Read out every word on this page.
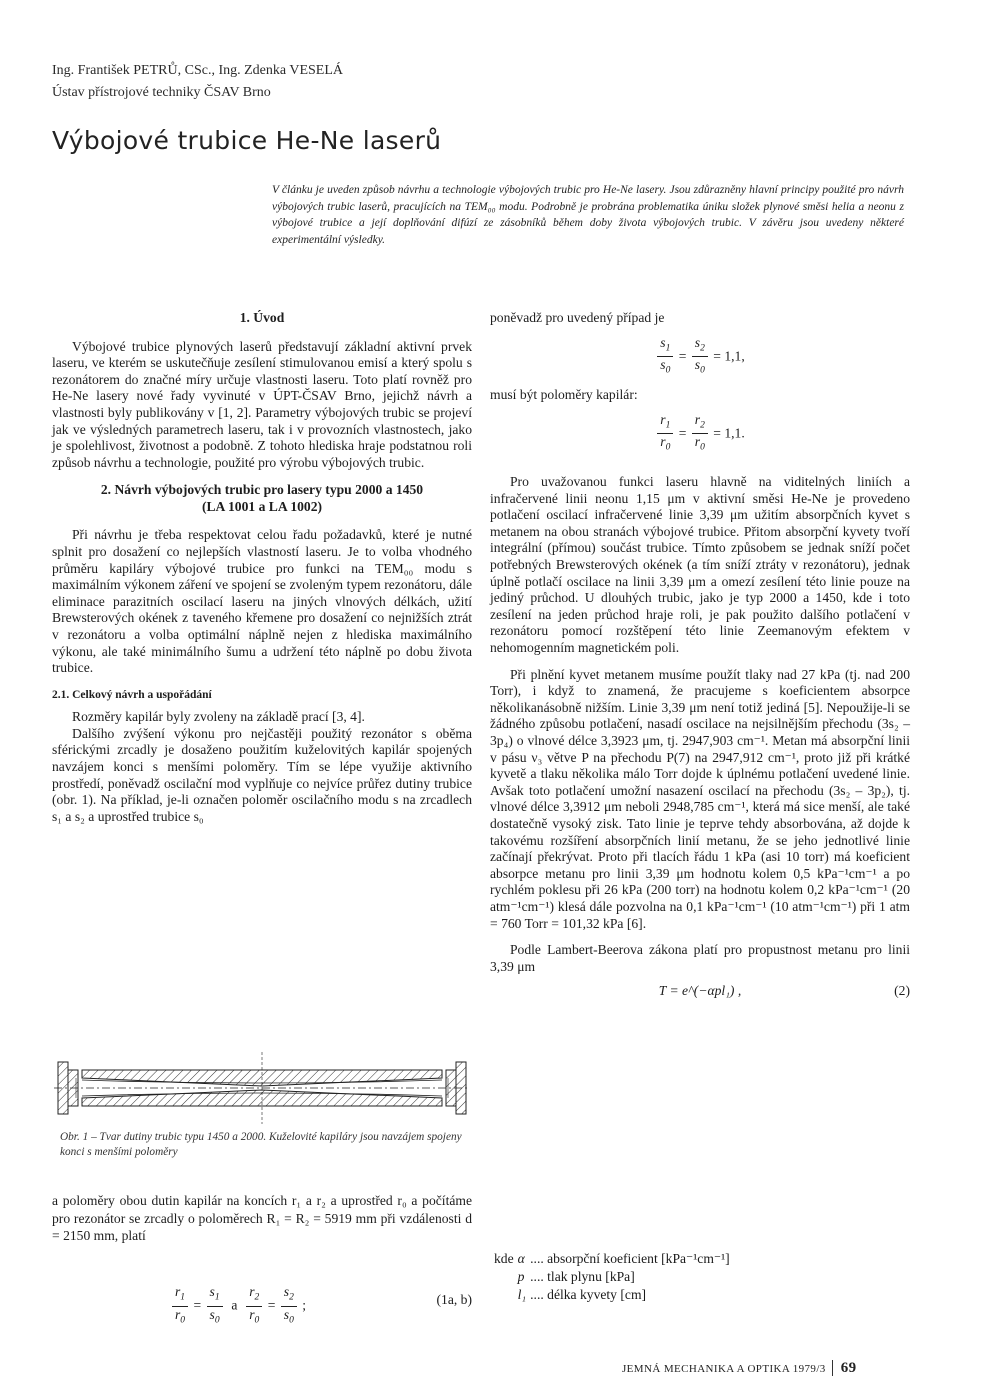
Ing. František PETRŮ, CSc., Ing. Zdenka VESELÁ
Ústav přístrojové techniky ČSAV Brno
Výbojové trubice He-Ne laserů
V článku je uveden způsob návrhu a technologie výbojových trubic pro He-Ne lasery. Jsou zdůrazněny hlavní principy použité pro návrh výbojových trubic laserů, pracujících na TEM₀₀ modu. Podrobně je probrána problematika úniku složek plynové směsi helia a neonu z výbojové trubice a její doplňování difúzí ze zásobníků během doby života výbojových trubic. V závěru jsou uvedeny některé experimentální výsledky.
1. Úvod

Výbojové trubice plynových laserů představují základní aktivní prvek laseru, ve kterém se uskutečňuje zesílení stimulovanou emisí a který spolu s rezonátorem do značné míry určuje vlastnosti laseru. Toto platí rovněž pro He-Ne lasery nové řady vyvinuté v ÚPT-ČSAV Brno, jejichž návrh a vlastnosti byly publikovány v [1, 2]. Parametry výbojových trubic se projeví jak ve výsledných parametrech laseru, tak i v provozních vlastnostech, jako je spolehlivost, životnost a podobně. Z tohoto hlediska hraje podstatnou roli způsob návrhu a technologie, použité pro výrobu výbojových trubic.

2. Návrh výbojových trubic pro lasery typu 2000 a 1450
(LA 1001 a LA 1002)

Při návrhu je třeba respektovat celou řadu požadavků, které je nutné splnit pro dosažení co nejlepších vlastností laseru. Je to volba vhodného průměru kapiláry výbojové trubice pro funkci na TEM₀₀ modu s maximálním výkonem záření ve spojení se zvoleným typem rezonátoru, dále eliminace parazitních oscilací laseru na jiných vlnových délkách, užití Brewsterových okének z taveného křemene pro dosažení co nejnižších ztrát v rezonátoru a volba optimální náplně nejen z hlediska maximálního výkonu, ale také minimálního šumu a udržení této náplně po dobu života trubice.

2.1. Celkový návrh a uspořádání

Rozměry kapilár byly zvoleny na základě prací [3, 4].

Dalšího zvýšení výkonu pro nejčastěji použitý rezonátor s oběma sférickými zrcadly je dosaženo použitím kuželovitých kapilár spojených navzájem konci s menšími poloměry. Tím se lépe využije aktivního prostředí, poněvadž oscilační mod vyplňuje co nejvíce průřez dutiny trubice (obr. 1). Na příklad, je-li označen poloměr oscilačního modu s na zrcadlech s₁ a s₂ a uprostřed trubice s₀

Obr. 1 – Tvar dutiny trubic typu 1450 a 2000. Kuželovité kapiláry jsou navzájem spojeny konci s menšími poloměry
a poloměry obou dutin kapilár na koncích r₁ a r₂ a uprostřed r₀ a počítáme pro rezonátor se zrcadly o poloměrech R₁ = R₂ = 5919 mm při vzdálenosti d = 2150 mm, platí
$\frac{r_1}{r_0} = \frac{s_1}{s_0}$ a $\frac{r_2}{r_0} = \frac{s_2}{s_0}$ ;	(1a, b)

poněvadž pro uvedený případ je

$\frac{s_1}{s_0} = \frac{s_2}{s_0} = 1,1$,

musí být poloměry kapilár:

$\frac{r_1}{r_0} = \frac{r_2}{r_0} = 1,1$.

Pro uvažovanou funkci laseru hlavně na viditelných liniích a infračervené linii neonu 1,15 μm v aktivní směsi He-Ne je provedeno potlačení oscilací infračervené linie 3,39 μm užitím absorpčních kyvet s metanem na obou stranách výbojové trubice. Přitom absorpční kyvety tvoří integrální (přímou) součást trubice. Tímto způsobem se jednak sníží počet potřebných Brewsterových okének (a tím sníží ztráty v rezonátoru), jednak úplně potlačí oscilace na linii 3,39 μm a omezí zesílení této linie pouze na jediný průchod. U dlouhých trubic, jako je typ 2000 a 1450, kde i toto zesílení na jeden průchod hraje roli, je pak použito dalšího potlačení v rezonátoru pomocí rozštěpení této linie Zeemanovým efektem v nehomogenním magnetickém poli.

Při plnění kyvet metanem musíme použít tlaky nad 27 kPa (tj. nad 200 Torr), i když to znamená, že pracujeme s koeficientem absorpce několikanásobně nižším. Linie 3,39 μm není totiž jediná [5]. Nepoužije-li se žádného způsobu potlačení, nasadí oscilace na nejsilnějším přechodu (3s₂ – 3p₄) o vlnové délce 3,3923 μm, tj. 2947,903 cm⁻¹. Metan má absorpční linii v pásu ν₃ větve P na přechodu P(7) na 2947,912 cm⁻¹, proto již při krátké kyvetě a tlaku několika málo Torr dojde k úplnému potlačení uvedené linie. Avšak toto potlačení umožní nasazení oscilací na přechodu (3s₂ – 3p₂), tj. vlnové délce 3,3912 μm neboli 2948,785 cm⁻¹, která má sice menší, ale také dostatečně vysoký zisk. Tato linie je teprve tehdy absorbována, až dojde k takovému rozšíření absorpčních linií metanu, že se jeho jednotlivé linie začínají překrývat. Proto při tlacích řádu 1 kPa (asi 10 torr) má koeficient absorpce metanu pro linii 3,39 μm hodnotu kolem 0,5 kPa⁻¹cm⁻¹ a po rychlém poklesu při 26 kPa (200 torr) na hodnotu kolem 0,2 kPa⁻¹cm⁻¹ (20 atm⁻¹cm⁻¹) klesá dále pozvolna na 0,1 kPa⁻¹cm⁻¹ (10 atm⁻¹cm⁻¹) při 1 atm = 760 Torr = 101,32 kPa [6].

Podle Lambert-Beerova zákona platí pro propustnost metanu pro linii 3,39 μm

T = e^(−αpl₁) ,	(2)
kde	α	.... absorpční koeficient [kPa⁻¹cm⁻¹]
	p	.... tlak plynu [kPa]
	l₁	.... délka kyvety [cm]
JEMNÁ MECHANIKA A OPTIKA 1979/3 69
